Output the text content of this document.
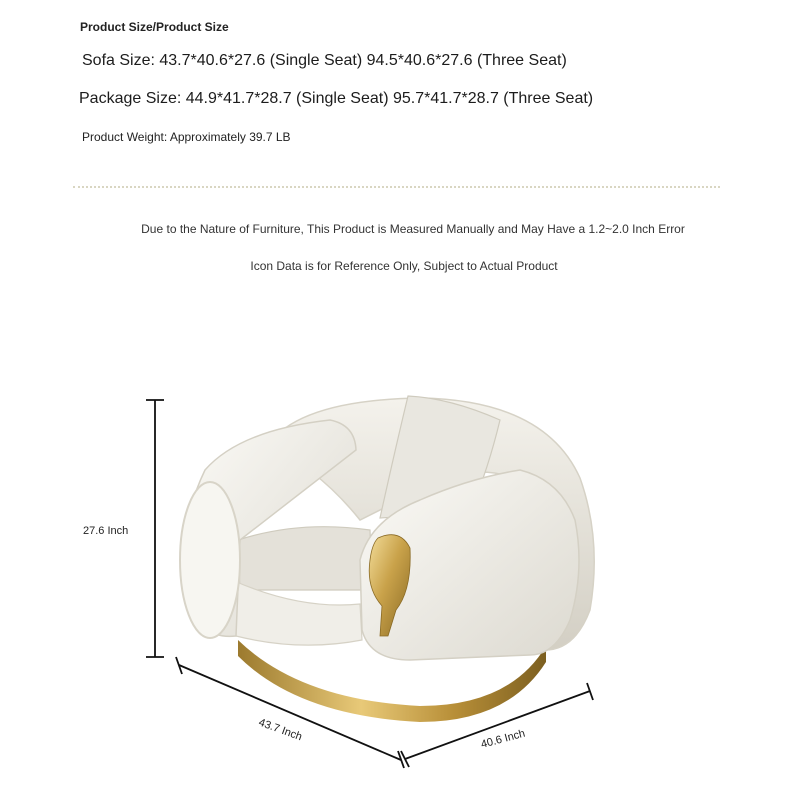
Product Size/Product Size
Sofa Size: 43.7*40.6*27.6 (Single Seat) 94.5*40.6*27.6 (Three Seat)
Package Size: 44.9*41.7*28.7 (Single Seat) 95.7*41.7*28.7 (Three Seat)
Product Weight: Approximately 39.7 LB
Due to the Nature of Furniture, This Product is Measured Manually and May Have a 1.2~2.0 Inch Error
Icon Data is for Reference Only, Subject to Actual Product
京大明华工厂
27.6 Inch
43.7 Inch	40.6 Inch
